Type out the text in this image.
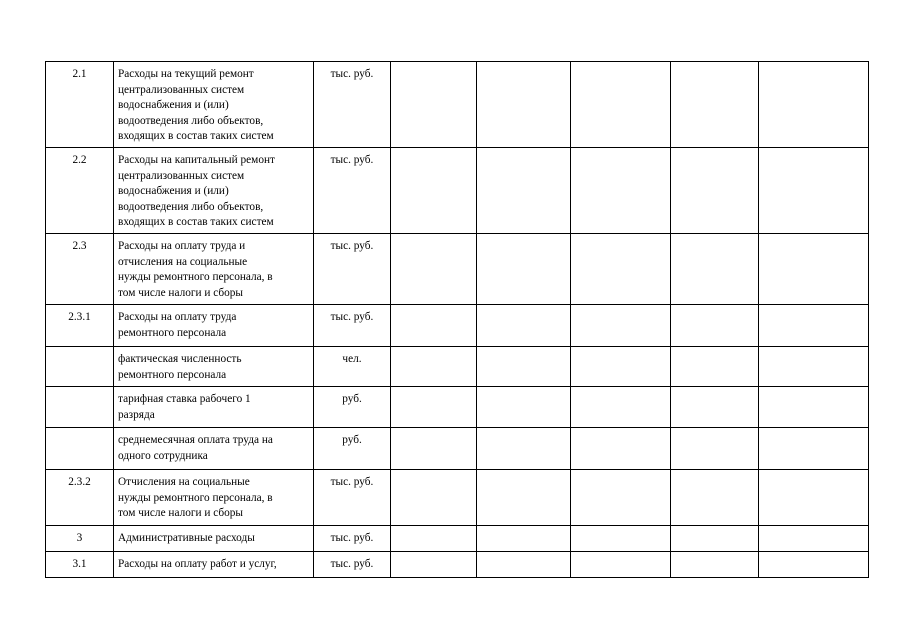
2.1	Расходы на текущий ремонт
централизованных систем
водоснабжения и (или)
водоотведения либо объектов,
входящих в состав таких систем	тыс. руб.					
2.2	Расходы на капитальный ремонт
централизованных систем
водоснабжения и (или)
водоотведения либо объектов,
входящих в состав таких систем	тыс. руб.					
2.3	Расходы на оплату труда и
отчисления на социальные
нужды ремонтного персонала, в
том числе налоги и сборы	тыс. руб.					
2.3.1	Расходы на оплату труда
ремонтного персонала	тыс. руб.					

	фактическая численность
ремонтного персонала	чел.					

	тарифная ставка рабочего 1
разряда	руб.					

	среднемесячная оплата труда на
одного сотрудника	руб.					
2.3.2	Отчисления на социальные
нужды ремонтного персонала, в
том числе налоги и сборы	тыс. руб.					
3	Административные расходы	тыс. руб.					
3.1	Расходы на оплату работ и услуг,	тыс. руб.					
